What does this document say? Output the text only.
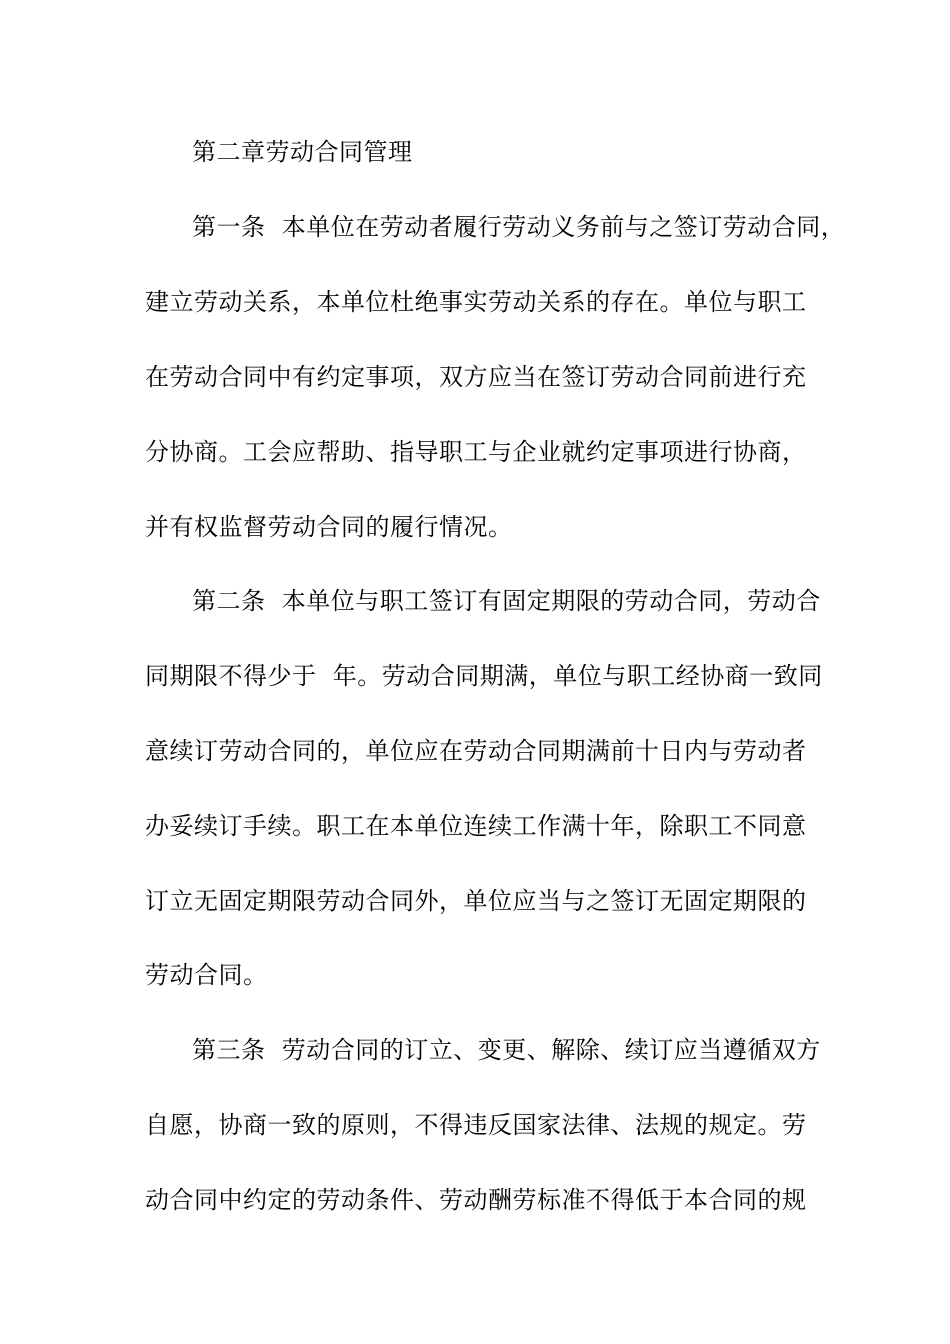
第二章劳动合同管理
第一条  本单位在劳动者履行劳动义务前与之签订劳动合同，
建立劳动关系，本单位杜绝事实劳动关系的存在。单位与职工
在劳动合同中有约定事项，双方应当在签订劳动合同前进行充
分协商。工会应帮助、指导职工与企业就约定事项进行协商，
并有权监督劳动合同的履行情况。
第二条  本单位与职工签订有固定期限的劳动合同，劳动合
同期限不得少于  年。劳动合同期满，单位与职工经协商一致同
意续订劳动合同的，单位应在劳动合同期满前十日内与劳动者
办妥续订手续。职工在本单位连续工作满十年，除职工不同意
订立无固定期限劳动合同外，单位应当与之签订无固定期限的
劳动合同。
第三条  劳动合同的订立、变更、解除、续订应当遵循双方
自愿，协商一致的原则，不得违反国家法律、法规的规定。劳
动合同中约定的劳动条件、劳动酬劳标准不得低于本合同的规
